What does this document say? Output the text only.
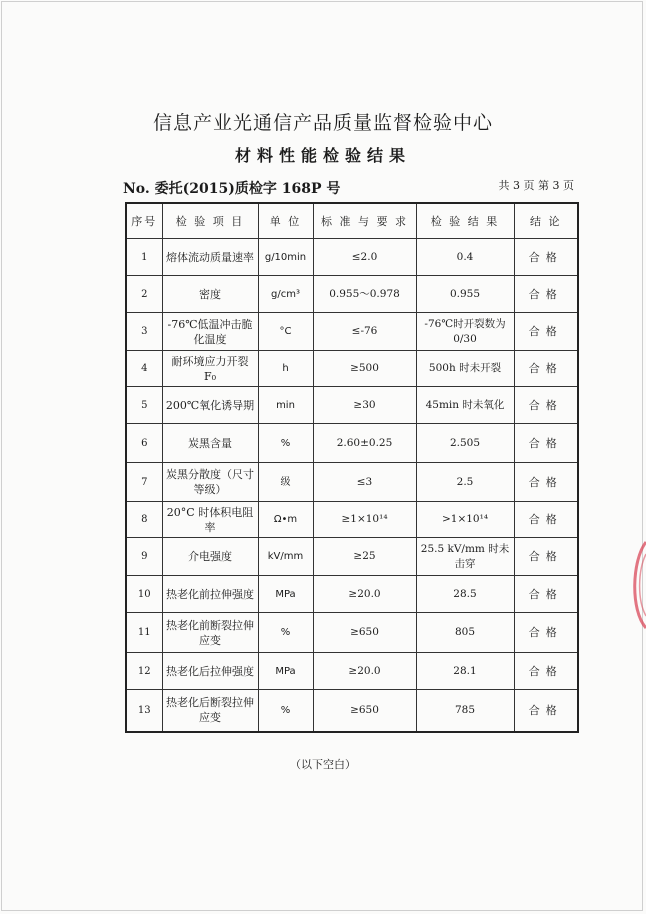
信息产业光通信产品质量监督检验中心
材料性能检验结果
No. 委托(2015)质检字 168P 号	共 3 页 第 3 页
序号	检 验 项 目	单 位	标 准 与 要 求	检 验 结 果	结 论
1	熔体流动质量速率	g/10min	≤2.0	0.4	合格
2	密度	g/cm³	0.955～0.978	0.955	合格
3	-76℃低温冲击脆化温度	°C	≤-76	-76℃时开裂数为0/30	合格
4	耐环境应力开裂 F₀	h	≥500	500h 时未开裂	合格
5	200℃氧化诱导期	min	≥30	45min 时未氧化	合格
6	炭黑含量	%	2.60±0.25	2.505	合格
7	炭黑分散度（尺寸等级）	级	≤3	2.5	合格
8	20°C 时体积电阻率	Ω•m	≥1×10¹⁴	>1×10¹⁴	合格
9	介电强度	kV/mm	≥25	25.5 kV/mm 时未击穿	合格
10	热老化前拉伸强度	MPa	≥20.0	28.5	合格
11	热老化前断裂拉伸应变	%	≥650	805	合格
12	热老化后拉伸强度	MPa	≥20.0	28.1	合格
13	热老化后断裂拉伸应变	%	≥650	785	合格
（以下空白）
